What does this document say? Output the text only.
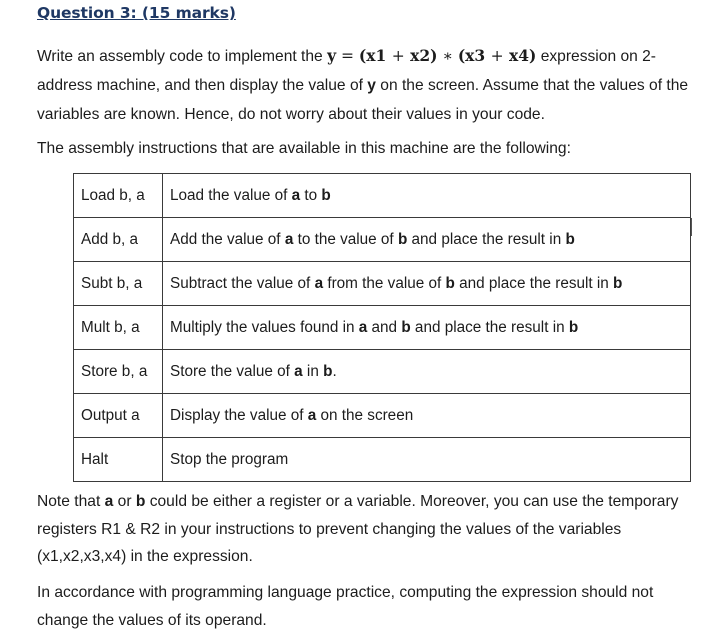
Question 3: (15 marks)

Write an assembly code to implement the y = (x1 + x2) ∗ (x3 + x4) expression on 2-address machine, and then display the value of y on the screen. Assume that the values of the variables are known. Hence, do not worry about their values in your code.

The assembly instructions that are available in this machine are the following:

Load b, a	Load the value of a to b
Add b, a	Add the value of a to the value of b and place the result in b
Subt b, a	Subtract the value of a from the value of b and place the result in b
Mult b, a	Multiply the values found in a and b and place the result in b
Store b, a	Store the value of a in b.
Output a	Display the value of a on the screen
Halt	Stop the program

Note that a or b could be either a register or a variable. Moreover, you can use the temporary registers R1 & R2 in your instructions to prevent changing the values of the variables (x1,x2,x3,x4) in the expression.

In accordance with programming language practice, computing the expression should not change the values of its operand.
